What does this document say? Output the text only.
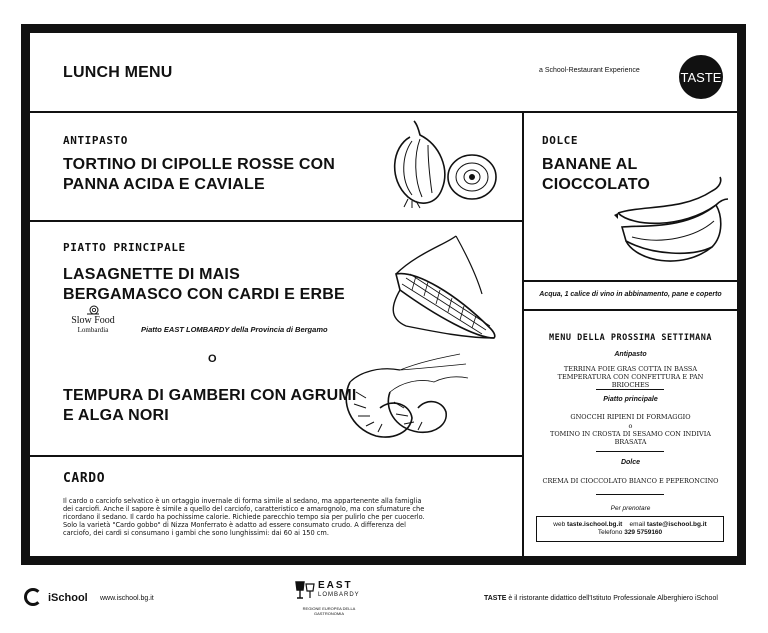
LUNCH MENU	a School-Restaurant Experience	TASTE
ANTIPASTO
TORTINO DI CIPOLLE ROSSE CON PANNA ACIDA E CAVIALE
DOLCE
BANANE AL CIOCCOLATO
Acqua, 1 calice di vino in abbinamento, pane e coperto
PIATTO PRINCIPALE
LASAGNETTE DI MAIS BERGAMASCO CON CARDI E ERBE
Slow Food
Lombardia	Piatto EAST LOMBARDY della Provincia di Bergamo
O
TEMPURA DI GAMBERI CON AGRUMI E ALGA NORI
CARDO
Il cardo o carciofo selvatico è un ortaggio invernale di forma simile al sedano, ma appartenente alla famiglia dei carciofi. Anche il sapore è simile a quello del carciofo, caratteristico e amarognolo, ma con sfumature che ricordano il sedano. Il cardo ha pochissime calorie. Richiede parecchio tempo sia per pulirlo che per cuocerlo. Solo la varietà "Cardo gobbo" di Nizza Monferrato è adatto ad essere consumato crudo. A differenza del carciofo, dei cardi si consumano i gambi che sono lunghissimi: dai 60 ai 150 cm.
MENU DELLA PROSSIMA SETTIMANA
Antipasto
TERRINA FOIE GRAS COTTA IN BASSA TEMPERATURA CON CONFETTURA E PAN BRIOCHES
Piatto principale
GNOCCHI RIPIENI DI FORMAGGIO
o
TOMINO IN CROSTA DI SESAMO CON INDIVIA BRASATA
Dolce
CREMA DI CIOCCOLATO BIANCO E PEPERONCINO
Per prenotare
web taste.ischool.bg.it email taste@ischool.bg.it
Telefono 329 5759160
iSchool www.ischool.bg.it
EAST
LOMBARDY
REGIONE EUROPEA DELLA GASTRONOMIA
TASTE è il ristorante didattico dell'Istituto Professionale Alberghiero iSchool
